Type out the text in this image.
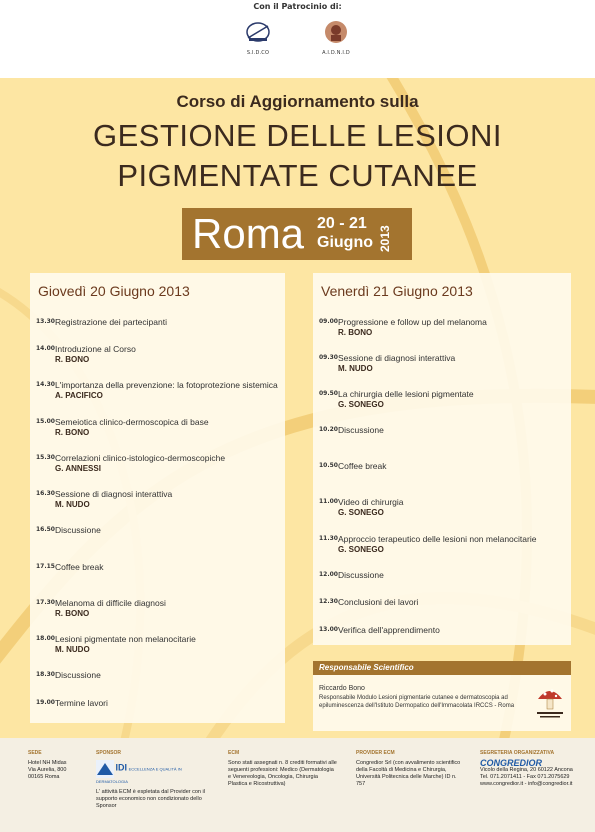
Con il Patrocinio di:
S.I.D.CO	A.I.D.N.I.D
Corso di Aggiornamento sulla
GESTIONE DELLE LESIONI
PIGMENTATE CUTANEE
Roma 20 - 21
Giugno 2013
Giovedì 20 Giugno 2013
13.30 Registrazione dei partecipanti
14.00 Introduzione al Corso
R. BONO
14.30 L'importanza della prevenzione: la fotoprotezione sistemica
A. PACIFICO
15.00 Semeiotica clinico-dermoscopica di base
R. BONO
15.30 Correlazioni clinico-istologico-dermoscopiche
G. ANNESSI
16.30 Sessione di diagnosi interattiva
M. NUDO
16.50 Discussione
17.15 Coffee break
17.30 Melanoma di difficile diagnosi
R. BONO
18.00 Lesioni pigmentate non melanocitarie
M. NUDO
18.30 Discussione
19.00 Termine lavori
Venerdì 21 Giugno 2013
09.00 Progressione e follow up del melanoma
R. BONO
09.30 Sessione di diagnosi interattiva
M. NUDO
09.50 La chirurgia delle lesioni pigmentate
G. SONEGO
10.20 Discussione
10.50 Coffee break
11.00 Video di chirurgia
G. SONEGO
11.30 Approccio terapeutico delle lesioni non melanocitarie
G. SONEGO
12.00 Discussione
12.30 Conclusioni dei lavori
13.00 Verifica dell'apprendimento
Responsabile Scientifico
Riccardo Bono
Responsabile Modulo Lesioni pigmentarie cutanee e dermatoscopia ad epiluminescenza dell'Istituto Dermopatico dell'Immacolata IRCCS - Roma
SEDE
Hotel NH Midas
Via Aurelia, 800
00165 Roma
SPONSOR
IDI ECCELLENZA E QUALITÀ IN DERMATOLOGIA
L' attività ECM è espletata dal Provider con il supporto economico non condizionato dello Sponsor
ECM
Sono stati assegnati n. 8 crediti formativi alle seguenti professioni: Medico (Dermatologia e Venereologia, Oncologia, Chirurgia Plastica e Ricostruttiva)
PROVIDER ECM
Congredior Srl (con avvalimento scientifico della Facoltà di Medicina e Chirurgia, Università Politecnica delle Marche) ID n. 757
SEGRETERIA ORGANIZZATIVA
CONGREDIOR
Vicolo della Regina, 20 60122 Ancona
Tel. 071.2071411 - Fax 071.2075629
www.congredior.it - info@congredior.it
